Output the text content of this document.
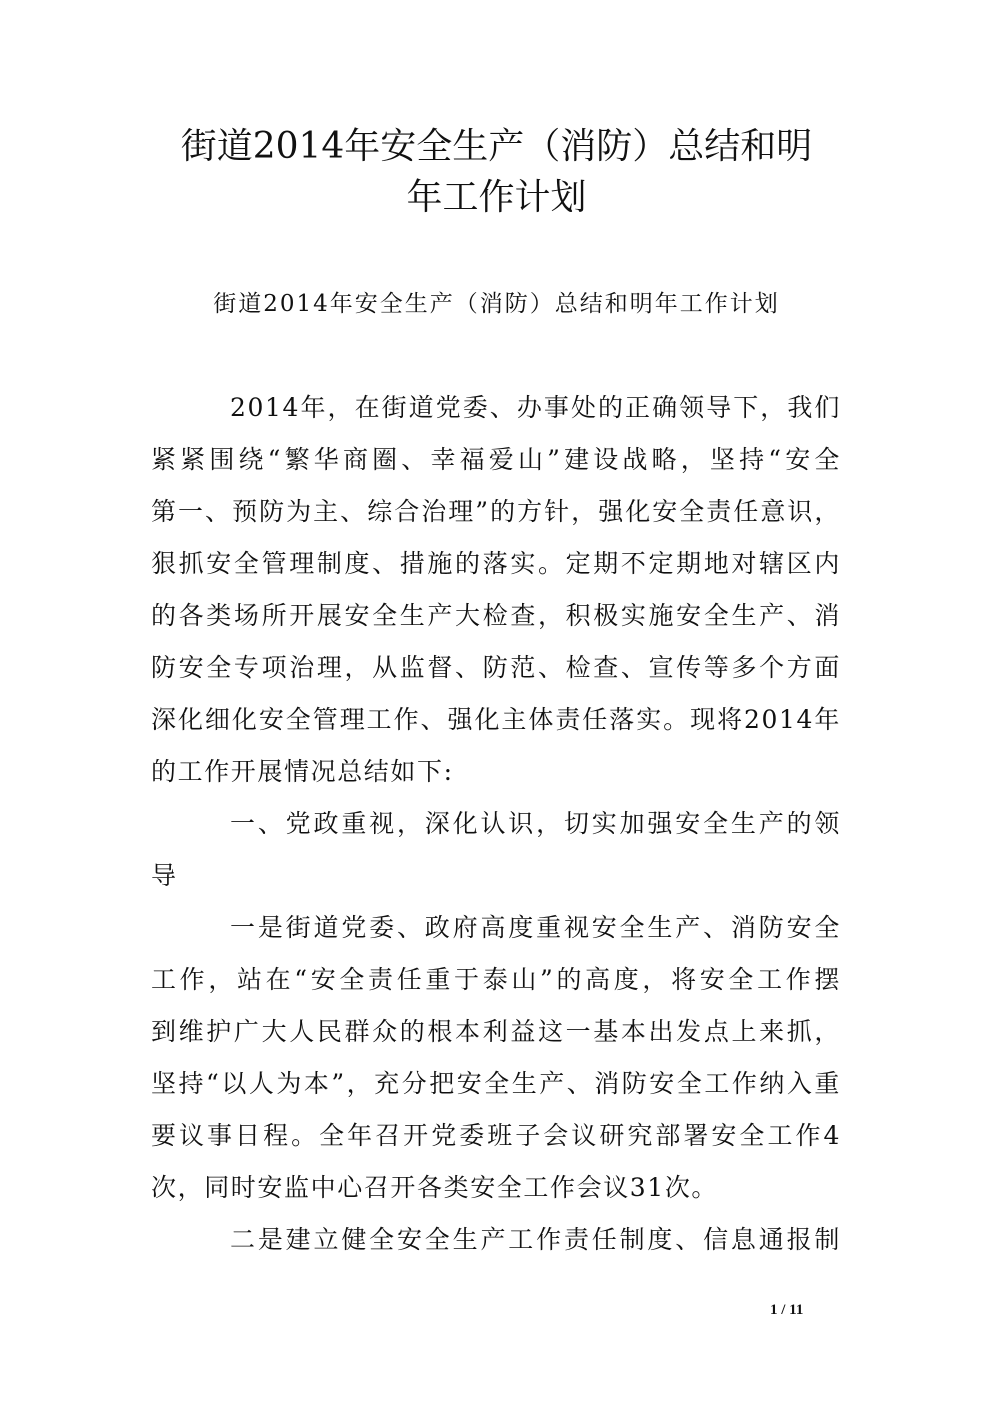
街道2014年安全生产（消防）总结和明
年工作计划
街道2014年安全生产（消防）总结和明年工作计划
2014年，在街道党委、办事处的正确领导下，我们
紧紧围绕“繁华商圈、幸福爱山”建设战略，坚持“安全
第一、预防为主、综合治理”的方针，强化安全责任意识，
狠抓安全管理制度、措施的落实。定期不定期地对辖区内
的各类场所开展安全生产大检查，积极实施安全生产、消
防安全专项治理，从监督、防范、检查、宣传等多个方面
深化细化安全管理工作、强化主体责任落实。现将2014年
的工作开展情况总结如下:
一、党政重视，深化认识，切实加强安全生产的领
导
一是街道党委、政府高度重视安全生产、消防安全
工作，站在“安全责任重于泰山”的高度，将安全工作摆
到维护广大人民群众的根本利益这一基本出发点上来抓，
坚持“以人为本”，充分把安全生产、消防安全工作纳入重
要议事日程。全年召开党委班子会议研究部署安全工作4
次，同时安监中心召开各类安全工作会议31次。
二是建立健全安全生产工作责任制度、信息通报制
1 / 11
